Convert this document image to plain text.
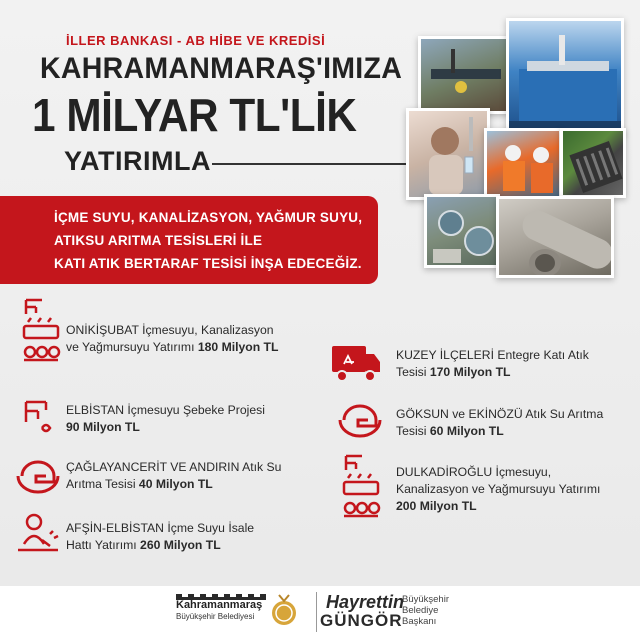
İLLER BANKASI - AB HİBE VE KREDİSİ
KAHRAMANMARAŞ'IMIZA
1 MİLYAR TL'LİK
YATIRIMLA
İÇME SUYU, KANALİZASYON, YAĞMUR SUYU,
ATIKSU ARITMA TESİSLERİ İLE
KATI ATIK BERTARAF TESİSİ İNŞA EDECEĞİZ.
ONİKİŞUBAT İçmesuyu, Kanalizasyon
ve Yağmursuyu Yatırımı 180 Milyon TL
ELBİSTAN İçmesuyu Şebeke Projesi
90 Milyon TL
ÇAĞLAYANCERİT VE ANDIRIN Atık Su
Arıtma Tesisi 40 Milyon TL
AFŞİN-ELBİSTAN İçme Suyu İsale
Hattı Yatırımı 260 Milyon TL
KUZEY İLÇELERİ Entegre Katı Atık
Tesisi 170 Milyon TL
GÖKSUN ve EKİNÖZÜ Atık Su Arıtma
Tesisi 60 Milyon TL
DULKADİROĞLU İçmesuyu,
Kanalizasyon ve Yağmursuyu Yatırımı
200 Milyon TL
Kahramanmaraş
Büyükşehir Belediyesi
Hayrettin
GÜNGÖR
Büyükşehir
Belediye
Başkanı
